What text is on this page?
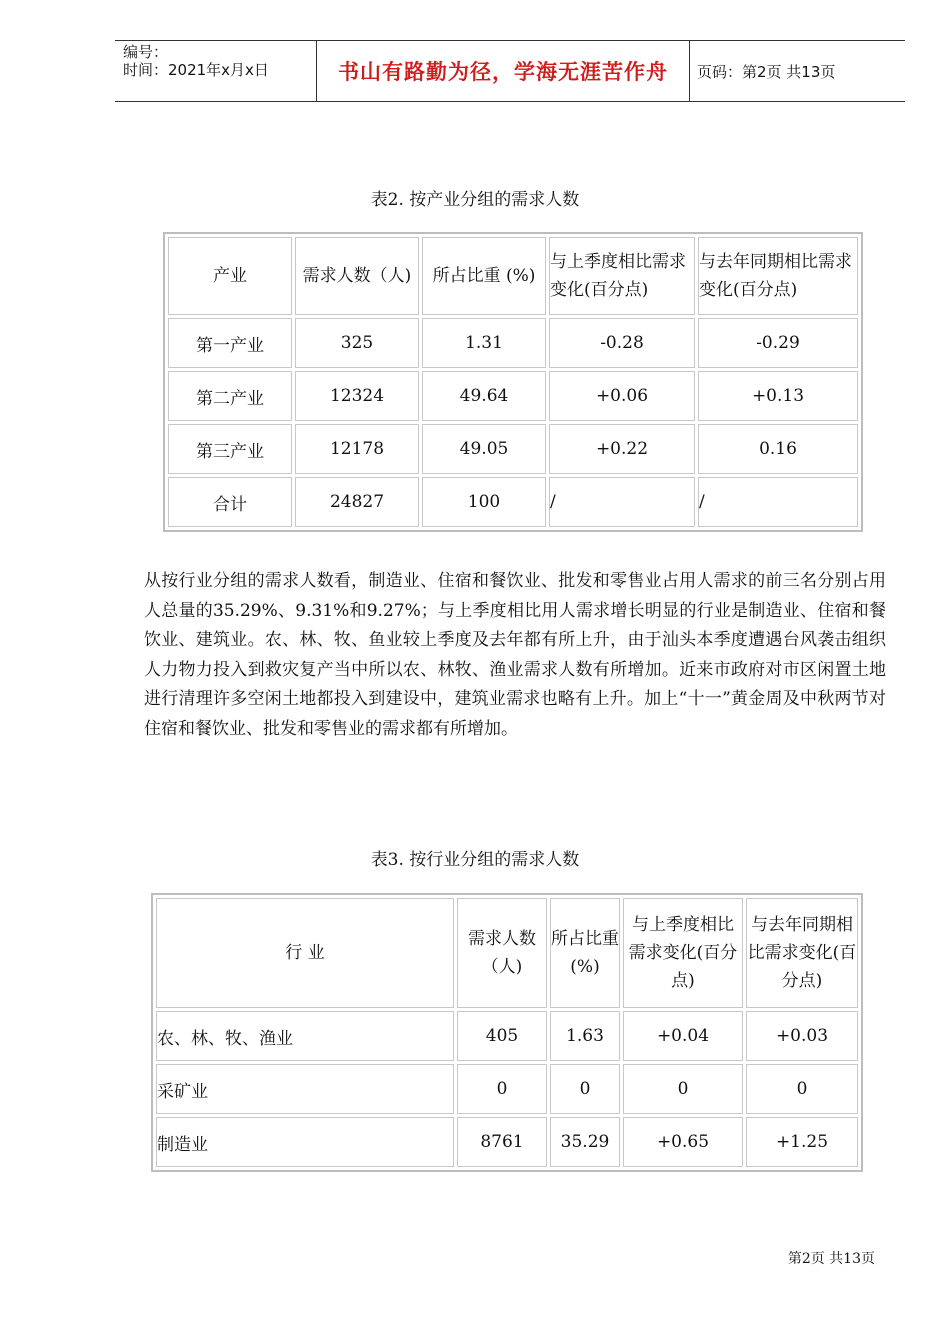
编号：
时间：2021年x月x日	书山有路勤为径，学海无涯苦作舟	页码：第2页 共13页
表2. 按产业分组的需求人数
产业	需求人数（人)	所占比重 (%)	与上季度相比需求变化(百分点)	与去年同期相比需求变化(百分点)
第一产业	325	1.31	-0.28	-0.29
第二产业	12324	49.64	+0.06	+0.13
第三产业	12178	49.05	+0.22	0.16
合计	24827	100	/	/
从按行业分组的需求人数看，制造业、住宿和餐饮业、批发和零售业占用人需求的前三名分别占用人总量的35.29%、9.31%和9.27%；与上季度相比用人需求增长明显的行业是制造业、住宿和餐饮业、建筑业。农、林、牧、鱼业较上季度及去年都有所上升，由于汕头本季度遭遇台风袭击组织人力物力投入到救灾复产当中所以农、林牧、渔业需求人数有所增加。近来市政府对市区闲置土地进行清理许多空闲土地都投入到建设中，建筑业需求也略有上升。加上“十一”黄金周及中秋两节对住宿和餐饮业、批发和零售业的需求都有所增加。
表3. 按行业分组的需求人数
行 业	需求人数（人)	所占比重 (%)	与上季度相比需求变化(百分点)	与去年同期相比需求变化(百分点)
农、林、牧、渔业	405	1.63	+0.04	+0.03
采矿业	0	0	0	0
制造业	8761	35.29	+0.65	+1.25
第2页 共13页
